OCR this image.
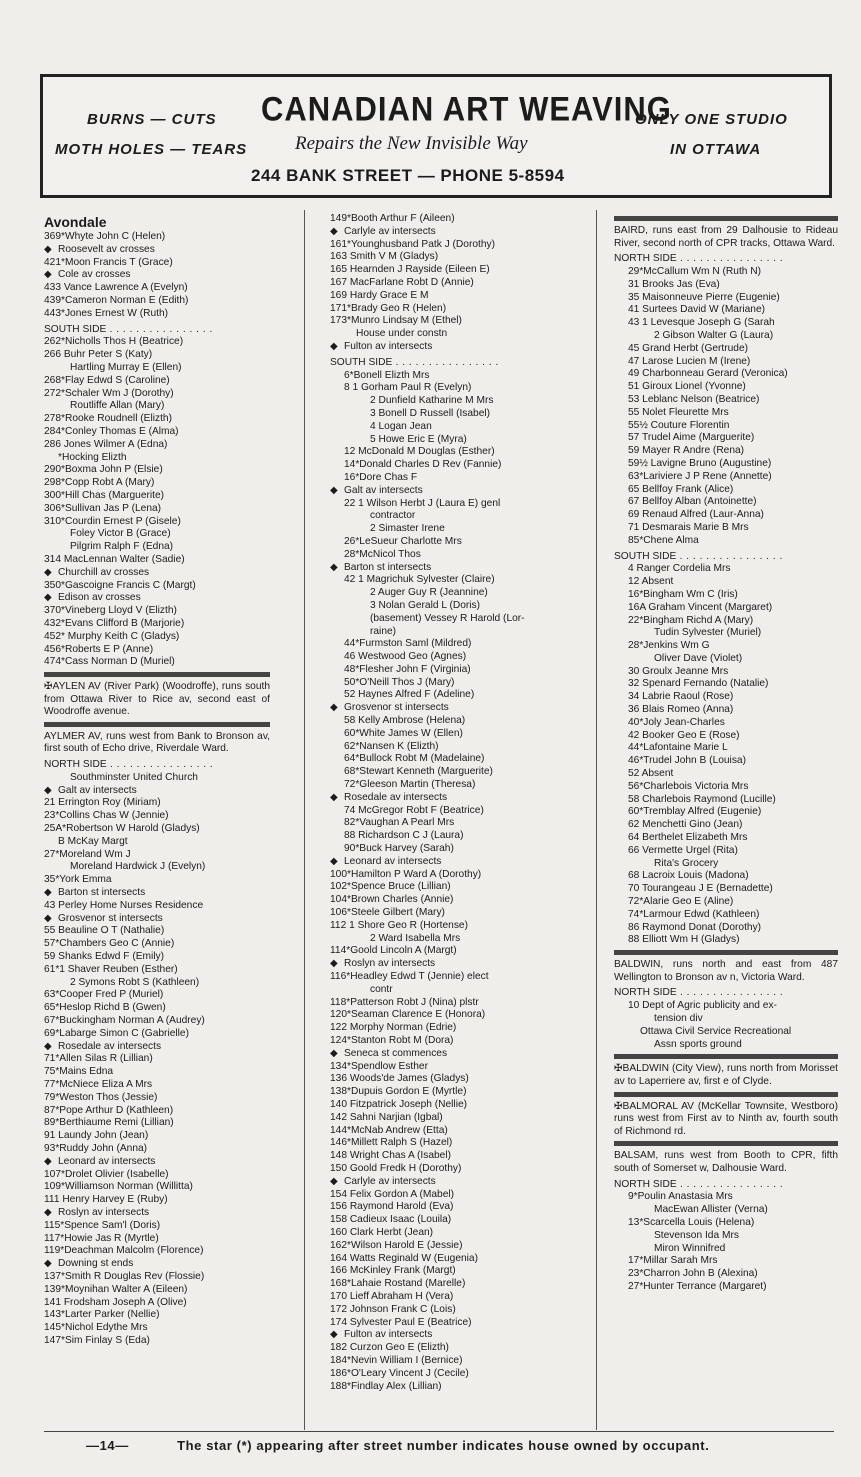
BURNS — CUTS
MOTH HOLES — TEARS
CANADIAN ART WEAVING
Repairs the New Invisible Way
244 BANK STREET — PHONE 5-8594
ONLY ONE STUDIO
IN OTTAWA
Avondale
369*Whyte John C (Helen)
◆ Roosevelt av crosses
421*Moon Francis T (Grace)
◆ Cole av crosses
433 Vance Lawrence A (Evelyn)
439*Cameron Norman E (Edith)
443*Jones Ernest W (Ruth)
SOUTH SIDE . . .
262*Nicholls Thos H (Beatrice)
266 Buhr Peter S (Katy)
Hartling Murray E (Ellen)
268*Flay Edwd S (Caroline)
272*Schaler Wm J (Dorothy)
Routliffe Allan (Mary)
278*Rooke Roudnell (Elizth)
284*Conley Thomas E (Alma)
286 Jones Wilmer A (Edna)
*Hocking Elizth
290*Boxma John P (Elsie)
298*Copp Robt A (Mary)
300*Hill Chas (Marguerite)
306*Sullivan Jas P (Lena)
310*Courdin Ernest P (Gisele)
Foley Victor B (Grace)
Pilgrim Ralph F (Edna)
314 MacLennan Walter (Sadie)
◆ Churchill av crosses
350*Gascoigne Francis C (Margt)
◆ Edison av crosses
370*Vineberg Lloyd V (Elizth)
432*Evans Clifford B (Marjorie)
452* Murphy Keith C (Gladys)
456*Roberts E P (Anne)
474*Cass Norman D (Muriel)
✠AYLEN AV (River Park) (Woodroffe), runs south from Ottawa River to Rice av, second east of Woodroffe avenue.
AYLMER AV, runs west from Bank to Bronson av, first south of Echo drive, Riverdale Ward.
NORTH SIDE . . .
Southminster United Church
◆ Galt av intersects
21 Errington Roy (Miriam)
23*Collins Chas W (Jennie)
25A*Robertson W Harold (Gladys)
B McKay Margt
27*Moreland Wm J
Moreland Hardwick J (Evelyn)
35*York Emma
◆ Barton st intersects
43 Perley Home Nurses Residence
◆ Grosvenor st intersects
55 Beauline O T (Nathalie)
57*Chambers Geo C (Annie)
59 Shanks Edwd F (Emily)
61*1 Shaver Reuben (Esther)
2 Symons Robt S (Kathleen)
63*Cooper Fred P (Muriel)
65*Heslop Richd B (Gwen)
67*Buckingham Norman A (Audrey)
69*Labarge Simon C (Gabrielle)
◆ Rosedale av intersects
71*Allen Silas R (Lillian)
75*Mains Edna
77*McNiece Eliza A Mrs
79*Weston Thos (Jessie)
87*Pope Arthur D (Kathleen)
89*Berthiaume Remi (Lillian)
91 Laundy John (Jean)
93*Ruddy John (Anna)
◆ Leonard av intersects
107*Drolet Olivier (Isabelle)
109*Williamson Norman (Willitta)
111 Henry Harvey E (Ruby)
◆ Roslyn av intersects
115*Spence Sam'l (Doris)
117*Howie Jas R (Myrtle)
119*Deachman Malcolm (Florence)
◆ Downing st ends
137*Smith R Douglas Rev (Flossie)
139*Moynihan Walter A (Eileen)
141 Frodsham Joseph A (Olive)
143*Larter Parker (Nellie)
145*Nichol Edythe Mrs
147*Sim Finlay S (Eda)
149*Booth Arthur F (Aileen)
◆ Carlyle av intersects
161*Younghusband Patk J (Dorothy)
163 Smith V M (Gladys)
165 Hearnden J Rayside (Eileen E)
167 MacFarlane Robt D (Annie)
169 Hardy Grace E M
171*Brady Geo R (Helen)
173*Munro Lindsay M (Ethel)
House under constn
◆ Fulton av intersects
SOUTH SIDE . . .
6*Bonell Elizth Mrs
8 1 Gorham Paul R (Evelyn)
2 Dunfield Katharine M Mrs
3 Bonell D Russell (Isabel)
4 Logan Jean
5 Howe Eric E (Myra)
12 McDonald M Douglas (Esther)
14*Donald Charles D Rev (Fannie)
16*Dore Chas F
◆ Galt av intersects
22 1 Wilson Herbt J (Laura E) genl
contractor
2 Simaster Irene
26*LeSueur Charlotte Mrs
28*McNicol Thos
◆ Barton st intersects
42 1 Magrichuk Sylvester (Claire)
2 Auger Guy R (Jeannine)
3 Nolan Gerald L (Doris)
(basement) Vessey R Harold (Lor-
raine)
44*Furmston Saml (Mildred)
46 Westwood Geo (Agnes)
48*Flesher John F (Virginia)
50*O'Neill Thos J (Mary)
52 Haynes Alfred F (Adeline)
◆ Grosvenor st intersects
58 Kelly Ambrose (Helena)
60*White James W (Ellen)
62*Nansen K (Elizth)
64*Bullock Robt M (Madelaine)
68*Stewart Kenneth (Marguerite)
72*Gleeson Martin (Theresa)
◆ Rosedale av intersects
74 McGregor Robt F (Beatrice)
82*Vaughan A Pearl Mrs
88 Richardson C J (Laura)
90*Buck Harvey (Sarah)
◆ Leonard av intersects
100*Hamilton P Ward A (Dorothy)
102*Spence Bruce (Lillian)
104*Brown Charles (Annie)
106*Steele Gilbert (Mary)
112 1 Shore Geo R (Hortense)
2 Ward Isabella Mrs
114*Goold Lincoln A (Margt)
◆ Roslyn av intersects
116*Headley Edwd T (Jennie) elect
contr
118*Patterson Robt J (Nina) plstr
120*Seaman Clarence E (Honora)
122 Morphy Norman (Edrie)
124*Stanton Robt M (Dora)
◆ Seneca st commences
134*Spendlow Esther
136 Woods'de James (Gladys)
138*Dupuis Gordon E (Myrtle)
140 Fitzpatrick Joseph (Nellie)
142 Sahni Narjian (Igbal)
144*McNab Andrew (Etta)
146*Millett Ralph S (Hazel)
148 Wright Chas A (Isabel)
150 Goold Fredk H (Dorothy)
◆ Carlyle av intersects
154 Felix Gordon A (Mabel)
156 Raymond Harold (Eva)
158 Cadieux Isaac (Louila)
160 Clark Herbt (Jean)
162*Wilson Harold E (Jessie)
164 Watts Reginald W (Eugenia)
166 McKinley Frank (Margt)
168*Lahaie Rostand (Marelle)
170 Lieff Abraham H (Vera)
172 Johnson Frank C (Lois)
174 Sylvester Paul E (Beatrice)
◆ Fulton av intersects
182 Curzon Geo E (Elizth)
184*Nevin William I (Bernice)
186*O'Leary Vincent J (Cecile)
188*Findlay Alex (Lillian)
BAIRD, runs east from 29 Dalhousie to Rideau River, second north of CPR tracks, Ottawa Ward.
NORTH SIDE . . .
29*McCallum Wm N (Ruth N)
31 Brooks Jas (Eva)
35 Maisonneuve Pierre (Eugenie)
41 Surtees David W (Mariane)
43 1 Levesque Joseph G (Sarah
2 Gibson Walter G (Laura)
45 Grand Herbt (Gertrude)
47 Larose Lucien M (Irene)
49 Charbonneau Gerard (Veronica)
51 Giroux Lionel (Yvonne)
53 Leblanc Nelson (Beatrice)
55 Nolet Fleurette Mrs
55½ Couture Florentin
57 Trudel Aime (Marguerite)
59 Mayer R Andre (Rena)
59½ Lavigne Bruno (Augustine)
63*Lariviere J P Rene (Annette)
65 Bellfoy Frank (Alice)
67 Bellfoy Alban (Antoinette)
69 Renaud Alfred (Laur-Anna)
71 Desmarais Marie B Mrs
85*Chene Alma
SOUTH SIDE . . .
4 Ranger Cordelia Mrs
12 Absent
16*Bingham Wm C (Iris)
16A Graham Vincent (Margaret)
22*Bingham Richd A (Mary)
Tudin Sylvester (Muriel)
28*Jenkins Wm G
Oliver Dave (Violet)
30 Groulx Jeanne Mrs
32 Spenard Fernando (Natalie)
34 Labrie Raoul (Rose)
36 Blais Romeo (Anna)
40*Joly Jean-Charles
42 Booker Geo E (Rose)
44*Lafontaine Marie L
46*Trudel John B (Louisa)
52 Absent
56*Charlebois Victoria Mrs
58 Charlebois Raymond (Lucille)
60*Tremblay Alfred (Eugenie)
62 Menchetti Gino (Jean)
64 Berthelet Elizabeth Mrs
66 Vermette Urgel (Rita)
Rita's Grocery
68 Lacroix Louis (Madona)
70 Tourangeau J E (Bernadette)
72*Alarie Geo E (Aline)
74*Larmour Edwd (Kathleen)
86 Raymond Donat (Dorothy)
88 Elliott Wm H (Gladys)
BALDWIN, runs north and east from 487 Wellington to Bronson av n, Victoria Ward.
NORTH SIDE . . .
10 Dept of Agric publicity and ex-
tension div
Ottawa Civil Service Recreational
Assn sports ground
✠BALDWIN (City View), runs north from Morisset av to Laperriere av, first e of Clyde.
✠BALMORAL AV (McKellar Townsite, Westboro) runs west from First av to Ninth av, fourth south of Richmond rd.
BALSAM, runs west from Booth to CPR, fifth south of Somerset w, Dalhousie Ward.
NORTH SIDE . . .
9*Poulin Anastasia Mrs
MacEwan Allister (Verna)
13*Scarcella Louis (Helena)
Stevenson Ida Mrs
Miron Winnifred
17*Millar Sarah Mrs
23*Charron John B (Alexina)
27*Hunter Terrance (Margaret)
—14—	The star (*) appearing after street number indicates house owned by occupant.
